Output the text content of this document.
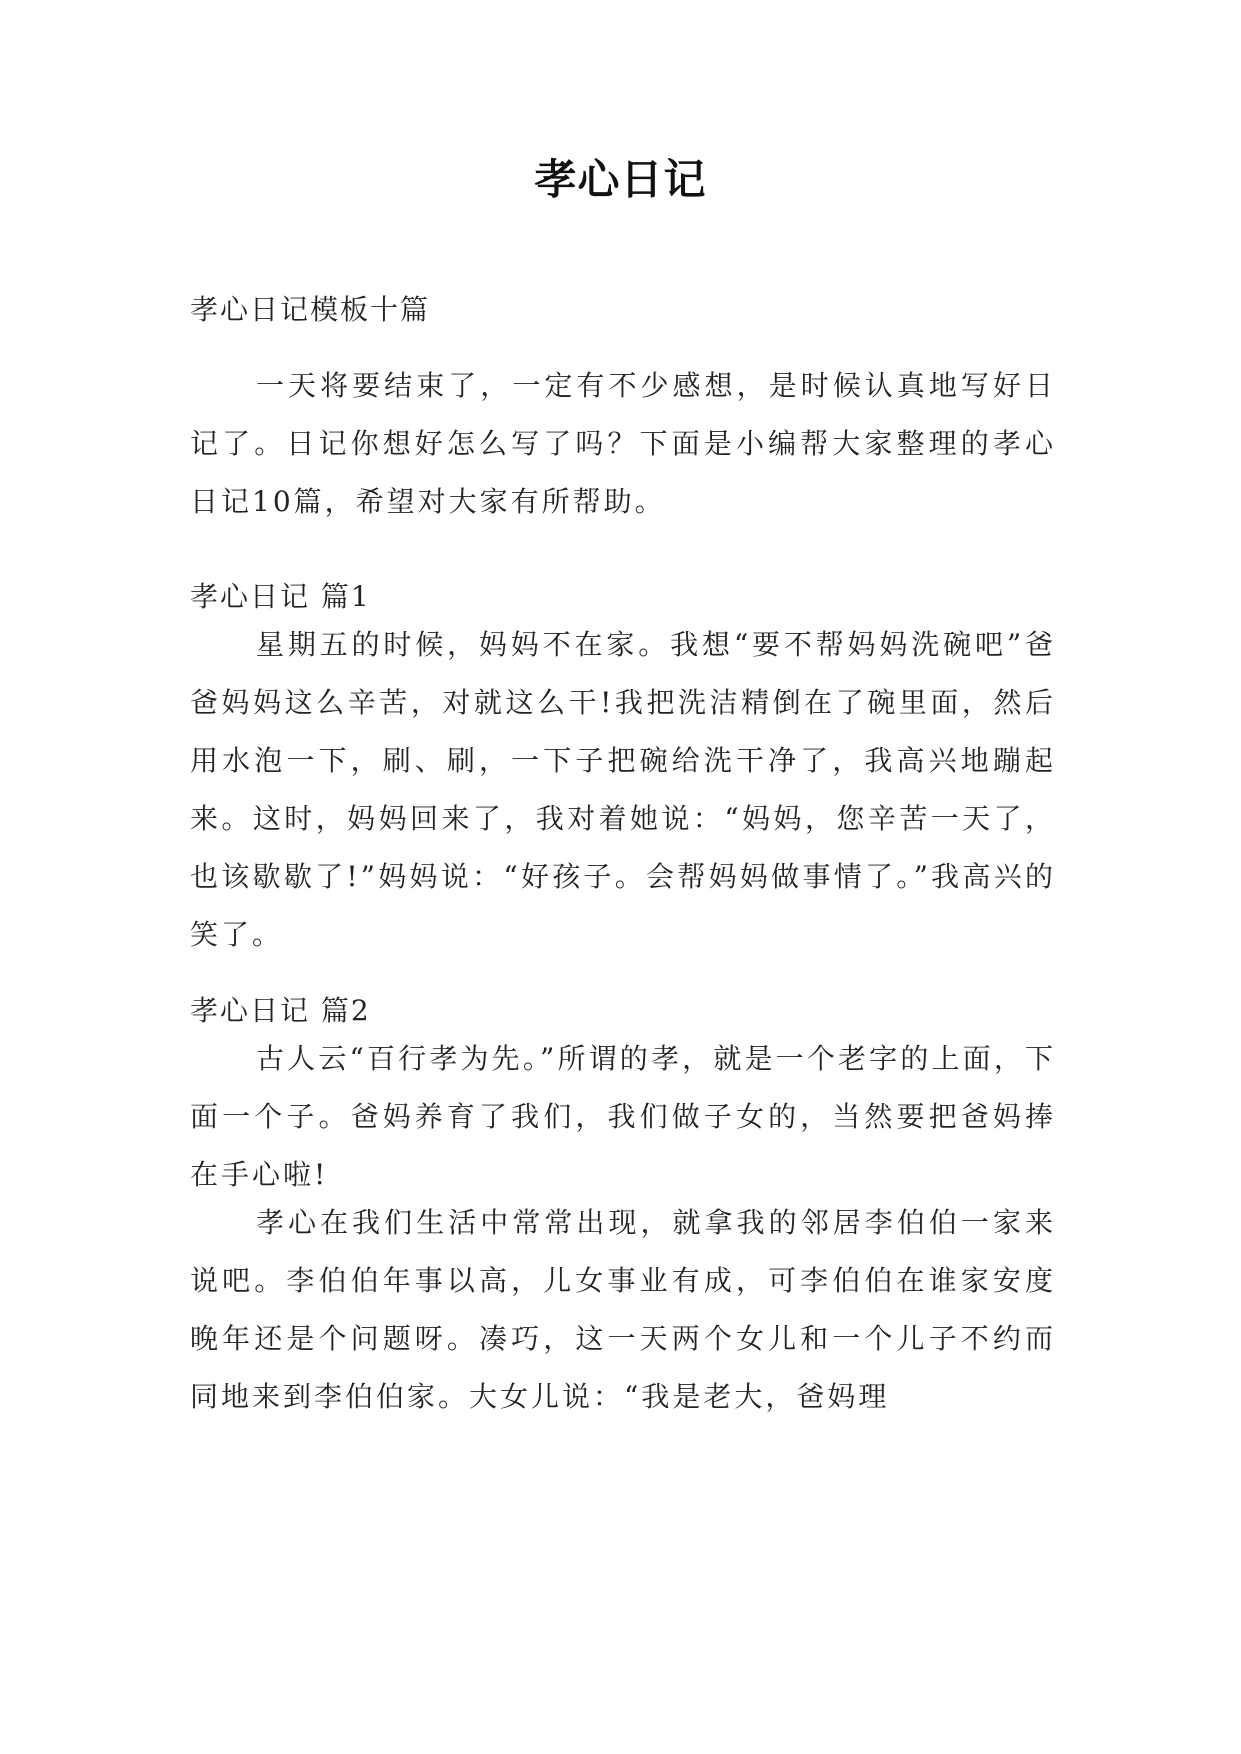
孝心日记

孝心日记模板十篇

一天将要结束了，一定有不少感想，是时候认真地写好日记了。日记你想好怎么写了吗？下面是小编帮大家整理的孝心日记10篇，希望对大家有所帮助。

孝心日记 篇1

星期五的时候，妈妈不在家。我想“要不帮妈妈洗碗吧”爸爸妈妈这么辛苦，对就这么干!我把洗洁精倒在了碗里面，然后用水泡一下，刷、刷，一下子把碗给洗干净了，我高兴地蹦起来。这时，妈妈回来了，我对着她说：“妈妈，您辛苦一天了，也该歇歇了!”妈妈说：“好孩子。会帮妈妈做事情了。”我高兴的笑了。

孝心日记 篇2

古人云“百行孝为先。”所谓的孝，就是一个老字的上面，下面一个子。爸妈养育了我们，我们做子女的，当然要把爸妈捧在手心啦!

孝心在我们生活中常常出现，就拿我的邻居李伯伯一家来说吧。李伯伯年事以高，儿女事业有成，可李伯伯在谁家安度晚年还是个问题呀。凑巧，这一天两个女儿和一个儿子不约而同地来到李伯伯家。大女儿说：“我是老大，爸妈理
